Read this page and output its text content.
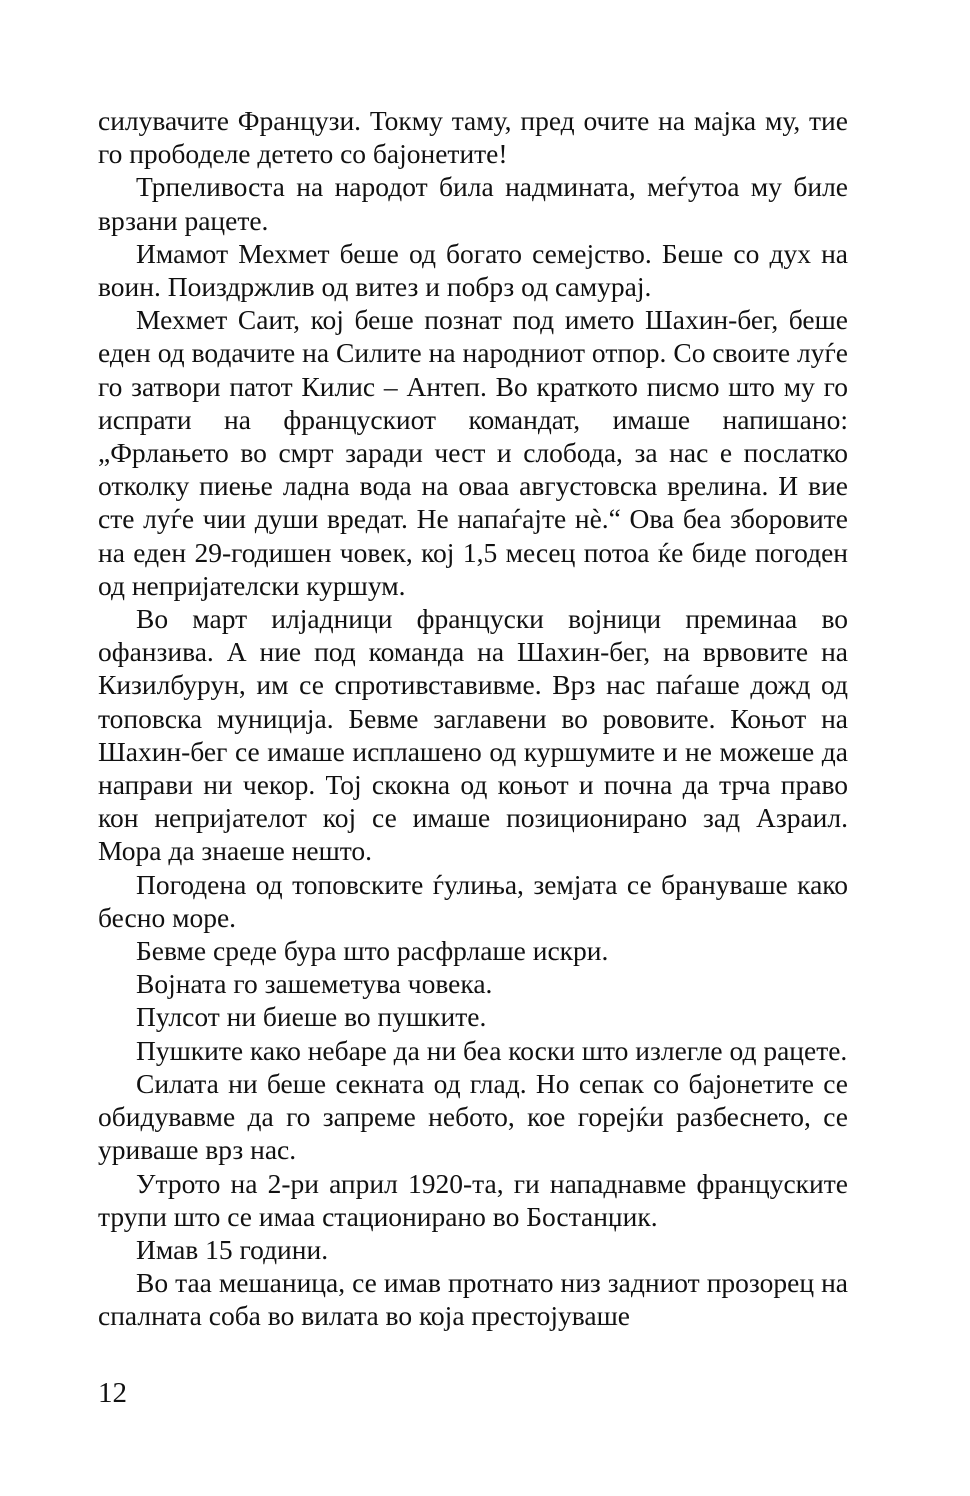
силувачите Французи. Токму таму, пред очите на мајка му, тие го прободеле детето со бајонетите!

Трпеливоста на народот била надмината, меѓутоа му биле врзани рацете.

Имамот Мехмет беше од богато семејство. Беше со дух на воин. Поиздржлив од витез и побрз од самурај.

Мехмет Саит, кој беше познат под името Шахин-бег, беше еден од водачите на Силите на народниот отпор. Со своите луѓе го затвори патот Килис – Антеп. Во краткото писмо што му го испрати на францускиот командат, имаше напишано: „Фрлањето во смрт заради чест и слобода, за нас е послатко отколку пиење ладна вода на оваа августовска врелина. И вие сте луѓе чии души вредат. Не напаѓајте нѐ.“ Ова беа зборовите на еден 29-годишен човек, кој 1,5 месец потоа ќе биде погоден од непријателски куршум.

Во март илјадници француски војници преминаа во офанзива. А ние под команда на Шахин-бег, на врвовите на Кизилбурун, им се спротивставивме. Врз нас паѓаше дожд од топовска муниција. Бевме заглавени во рововите. Коњот на Шахин-бег се имаше исплашено од куршумите и не можеше да направи ни чекор. Тој скокна од коњот и почна да трча право кон непријателот кој се имаше позиционирано зад Азраил. Мора да знаеше нешто.

Погодена од топовските ѓулиња, земјата се брануваше како бесно море.

Бевме среде бура што расфрлаше искри.

Војната го зашеметува човека.

Пулсот ни биеше во пушките.

Пушките како небаре да ни беа коски што излегле од рацете.

Силата ни беше секната од глад. Но сепак со бајонетите се обидувавме да го запреме небото, кое горејќи разбеснето, се уриваше врз нас.

Утрото на 2-ри април 1920-та, ги нападнавме француските трупи што се имаа стационирано во Бостанџик.

Имав 15 години.

Во таа мешаница, се имав протнато низ задниот прозорец на спалната соба во вилата во која престојуваше

12
